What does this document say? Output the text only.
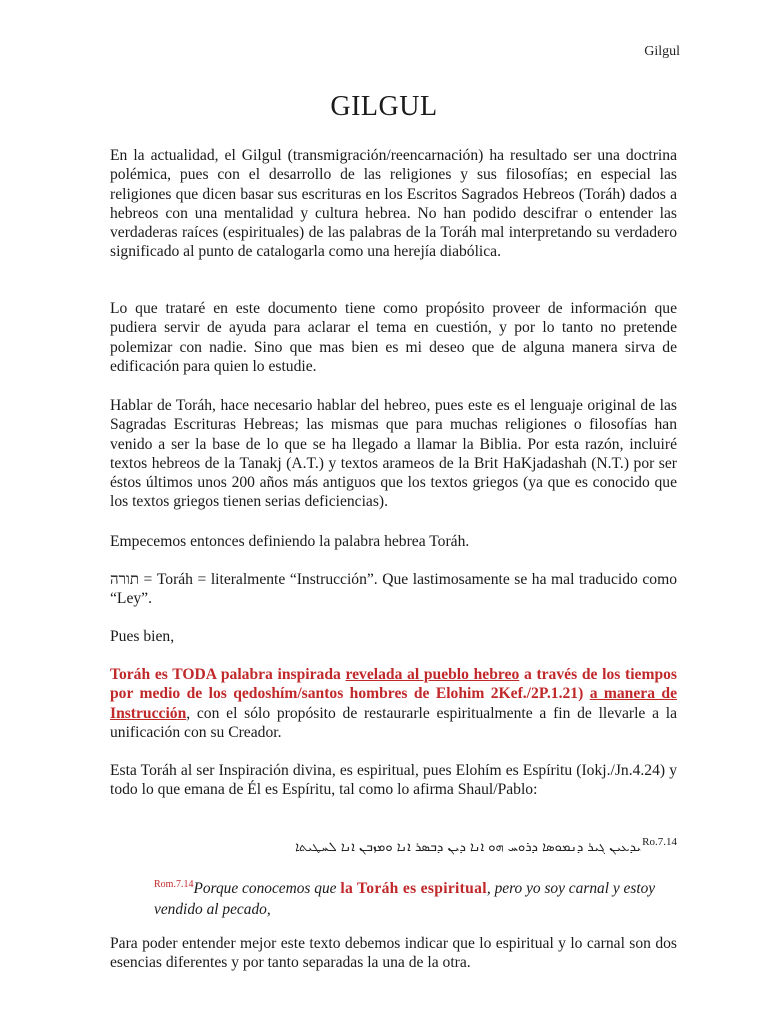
Gilgul
GILGUL

En la actualidad, el Gilgul (transmigración/reencarnación) ha resultado ser una doctrina polémica, pues con el desarrollo de las religiones y sus filosofías; en especial las religiones que dicen basar sus escrituras en los Escritos Sagrados Hebreos (Toráh) dados a hebreos con una mentalidad y cultura hebrea. No han podido descifrar o entender las verdaderas raíces (espirituales) de las palabras de la Toráh mal interpretando su verdadero significado al punto de catalogarla como una herejía diabólica.

Lo que trataré en este documento tiene como propósito proveer de información que pudiera servir de ayuda para aclarar el tema en cuestión, y por lo tanto no pretende polemizar con nadie. Sino que mas bien es mi deseo que de alguna manera sirva de edificación para quien lo estudie.

Hablar de Toráh, hace necesario hablar del hebreo, pues este es el lenguaje original de las Sagradas Escrituras Hebreas; las mismas que para muchas religiones o filosofías han venido a ser la base de lo que se ha llegado a llamar la Biblia. Por esta razón, incluiré textos hebreos de la Tanakj (A.T.) y textos arameos de la Brit HaKjadashah (N.T.) por ser éstos últimos unos 200 años más antiguos que los textos griegos (ya que es conocido que los textos griegos tienen serias deficiencias).

Empecemos entonces definiendo la palabra hebrea Toráh.

תורה = Toráh = literalmente “Instrucción”. Que lastimosamente se ha mal traducido como “Ley”.

Pues bien,

Toráh es TODA palabra inspirada revelada al pueblo hebreo a través de los tiempos por medio de los qedoshím/santos hombres de Elohim 2Kef./2P.1.21) a manera de Instrucción, con el sólo propósito de restaurarle espiritualmente a fin de llevarle a la unificación con su Creador.

Esta Toráh al ser Inspiración divina, es espiritual, pues Elohím es Espíritu (Iokj./Jn.4.24) y todo lo que emana de Él es Espíritu, tal como lo afirma Shaul/Pablo:

ܝܕܥܝܢ ܓܝܪ ܕܢܡܘܣܐ ܕܪܘܚ ܗܘ ܐܢܐ ܕܝܢ ܕܒܣܪ ܐܢܐ ܘܡܙܒܢ ܐܢܐ ܠܚܛܝܬܐ$^{Ro.7.14}$

$^{Rom.7.14}$Porque conocemos que la Toráh es espiritual, pero yo soy carnal y estoy vendido al pecado,

Para poder entender mejor este texto debemos indicar que lo espiritual y lo carnal son dos esencias diferentes y por tanto separadas la una de la otra.
